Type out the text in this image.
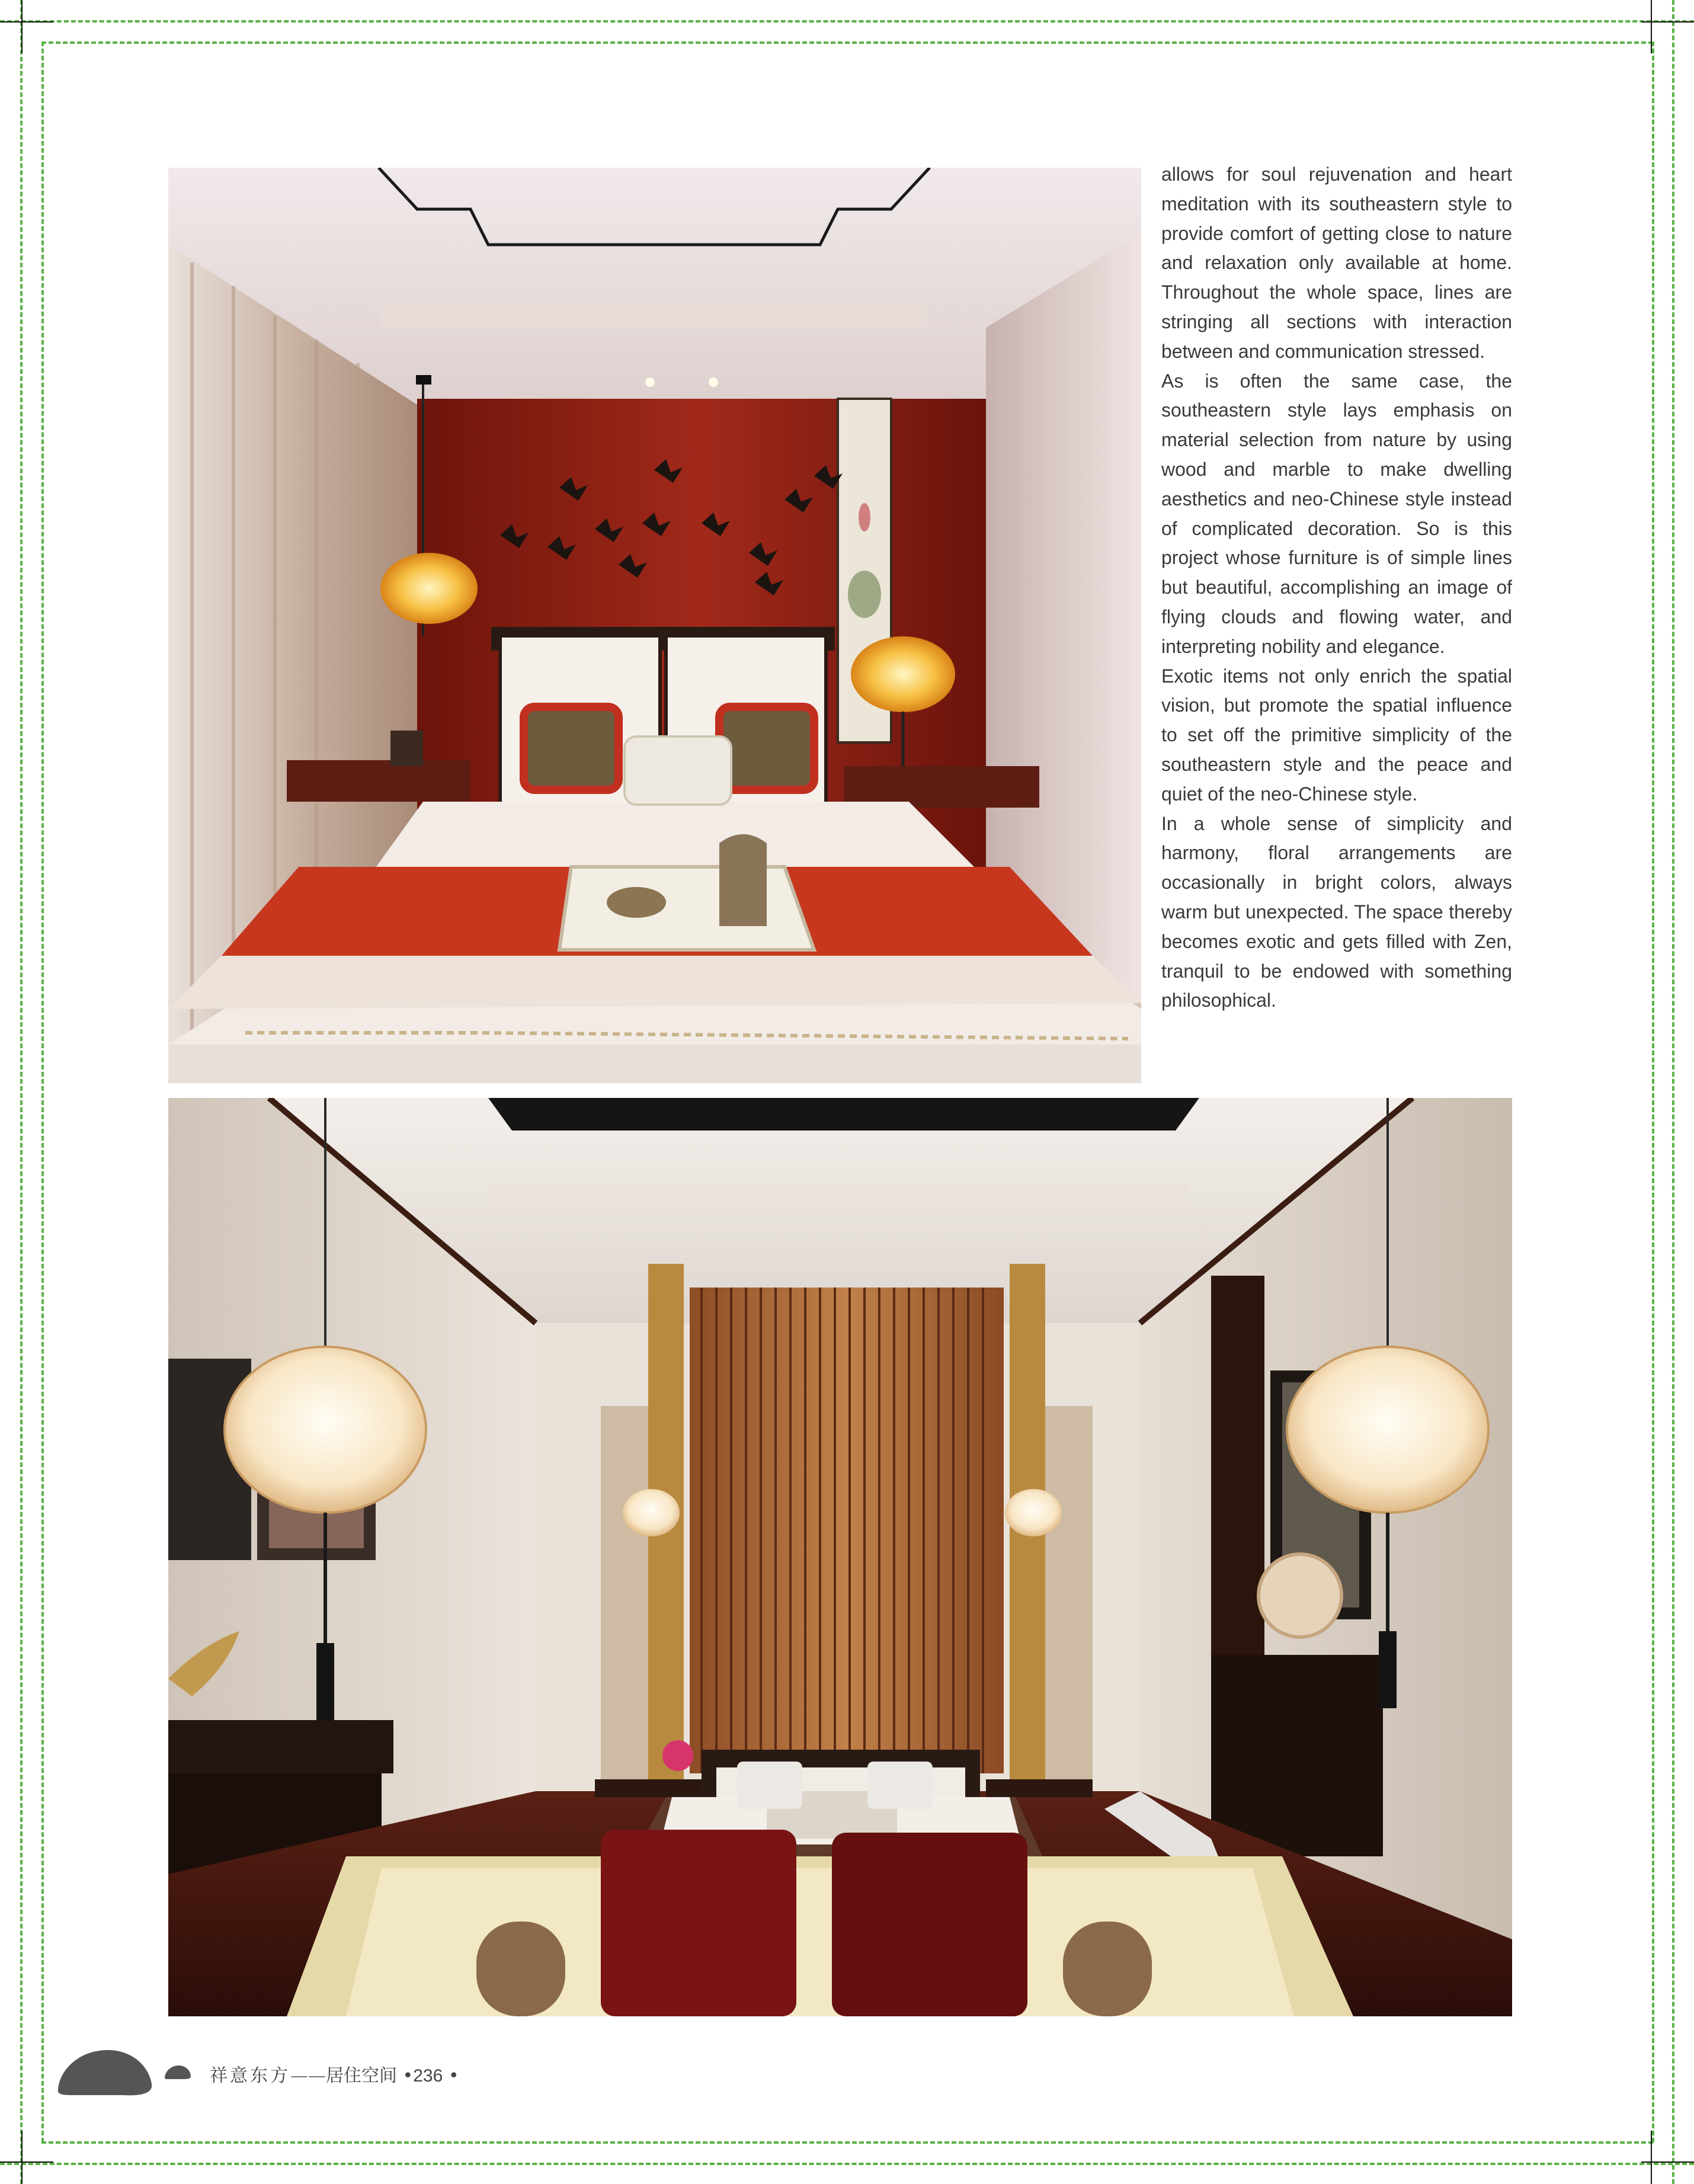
allows for soul rejuvenation and heart meditation with its southeastern style to provide comfort of getting close to nature and relaxation only available at home. Throughout the whole space, lines are stringing all sections with interaction between and communication stressed.

As is often the same case, the southeastern style lays emphasis on material selection from nature by using wood and marble to make dwelling aesthetics and neo-Chinese style instead of complicated decoration. So is this project whose furniture is of simple lines but beautiful, accomplishing an image of flying clouds and flowing water, and interpreting nobility and elegance.

Exotic items not only enrich the spatial vision, but promote the spatial influence to set off the primitive simplicity of the southeastern style and the peace and quiet of the neo-Chinese style.

In a whole sense of simplicity and harmony, floral arrangements are occasionally in bright colors, always warm but unexpected. The space thereby becomes exotic and gets filled with Zen, tranquil to be endowed with something philosophical.

祥意东方——居住空间 •236 •
